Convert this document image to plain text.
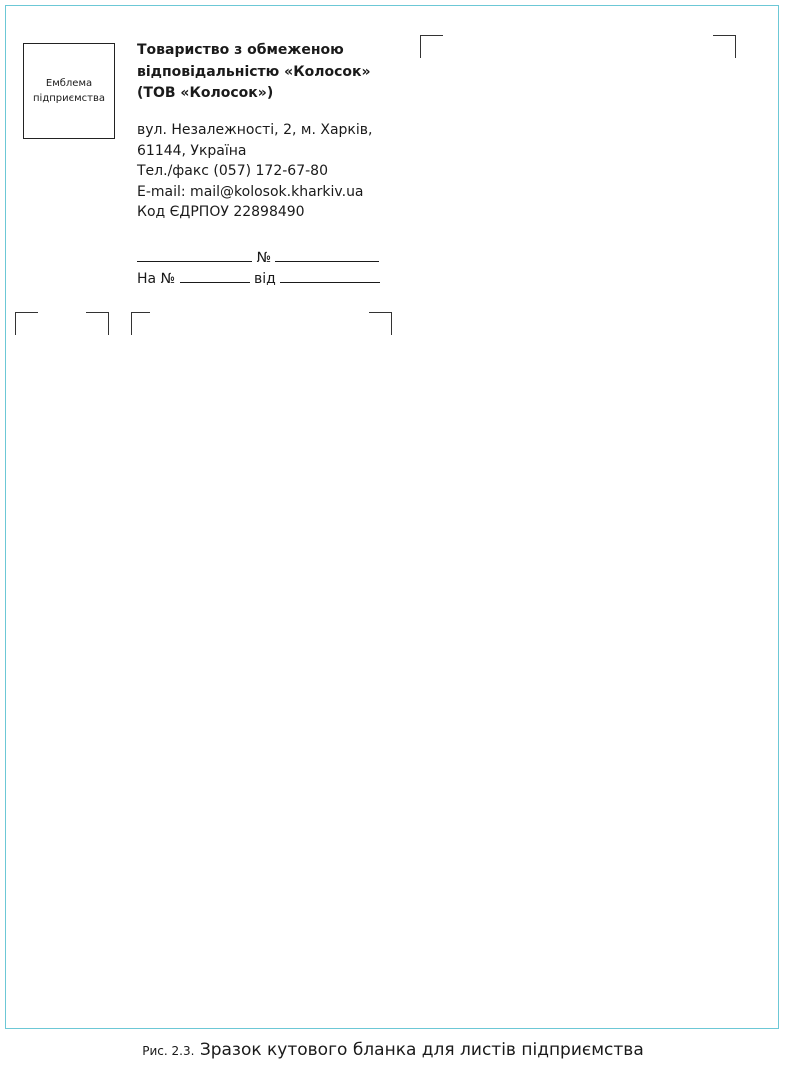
Емблема
підприємства
Товариство з обмеженою
відповідальністю «Колосок»
(ТОВ «Колосок»)
вул. Незалежності, 2, м. Харків,
61144, Україна
Тел./факс (057) 172-67-80
E-mail: mail@kolosok.kharkiv.ua
Код ЄДРПОУ 22898490
№
На №	від
Рис. 2.3. Зразок кутового бланка для листів підприємства
